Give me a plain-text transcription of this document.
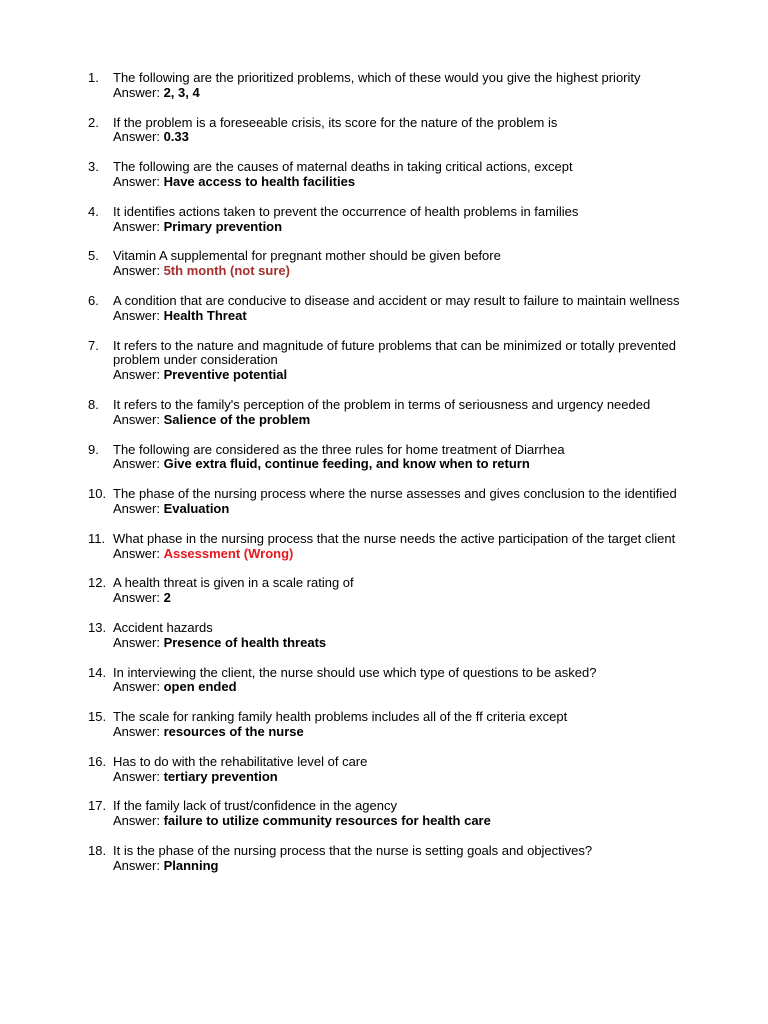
1.	The following are the prioritized problems, which of these would you give the highest priority
Answer: 2, 3, 4
2.	If the problem is a foreseeable crisis, its score for the nature of the problem is
Answer: 0.33
3.	The following are the causes of maternal deaths in taking critical actions, except
Answer: Have access to health facilities
4.	It identifies actions taken to prevent the occurrence of health problems in families
Answer: Primary prevention
5.	Vitamin A supplemental for pregnant mother should be given before
Answer: 5th month (not sure)
6.	A condition that are conducive to disease and accident or may result to failure to maintain wellness
Answer: Health Threat
7.	It refers to the nature and magnitude of future problems that can be minimized or totally prevented problem under consideration
Answer: Preventive potential
8.	It refers to the family's perception of the problem in terms of seriousness and urgency needed
Answer: Salience of the problem
9.	The following are considered as the three rules for home treatment of Diarrhea
Answer: Give extra fluid, continue feeding, and know when to return
10. The phase of the nursing process where the nurse assesses and gives conclusion to the identified
Answer: Evaluation
11. What phase in the nursing process that the nurse needs the active participation of the target client
Answer: Assessment (Wrong)
12. A health threat is given in a scale rating of
Answer: 2
13. Accident hazards
Answer: Presence of health threats
14. In interviewing the client, the nurse should use which type of questions to be asked?
Answer: open ended
15. The scale for ranking family health problems includes all of the ff criteria except
Answer: resources of the nurse
16. Has to do with the rehabilitative level of care
Answer: tertiary prevention
17. If the family lack of trust/confidence in the agency
Answer: failure to utilize community resources for health care
18. It is the phase of the nursing process that the nurse is setting goals and objectives?
Answer: Planning
